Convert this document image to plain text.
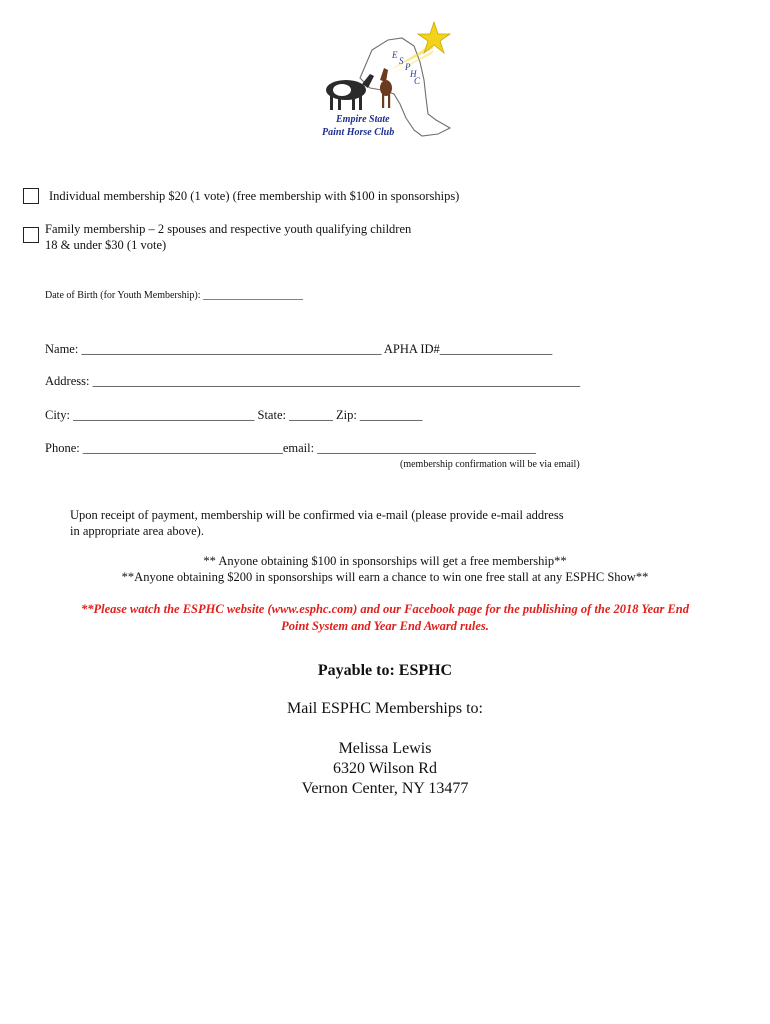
E
S
P
H
C
Empire State
Paint Horse Club
Individual membership $20 (1 vote) (free membership with $100 in sponsorships)
Family membership – 2 spouses and respective youth qualifying children
18 & under $30 (1 vote)
Date of Birth (for Youth Membership): ____________________
Name: ________________________________________________ APHA ID#__________________
Address: ______________________________________________________________________________
City: _____________________________ State: _______ Zip: __________
Phone: ________________________________email: ___________________________________
(membership confirmation will be via email)
Upon receipt of payment, membership will be confirmed via e-mail (please provide e-mail address
in appropriate area above).
** Anyone obtaining $100 in sponsorships will get a free membership**
**Anyone obtaining $200 in sponsorships will earn a chance to win one free stall at any ESPHC Show**
**Please watch the ESPHC website (www.esphc.com) and our Facebook page for the publishing of the 2018 Year End
Point System and Year End Award rules.
Payable to: ESPHC
Mail ESPHC Memberships to:
Melissa Lewis
6320 Wilson Rd
Vernon Center, NY 13477
